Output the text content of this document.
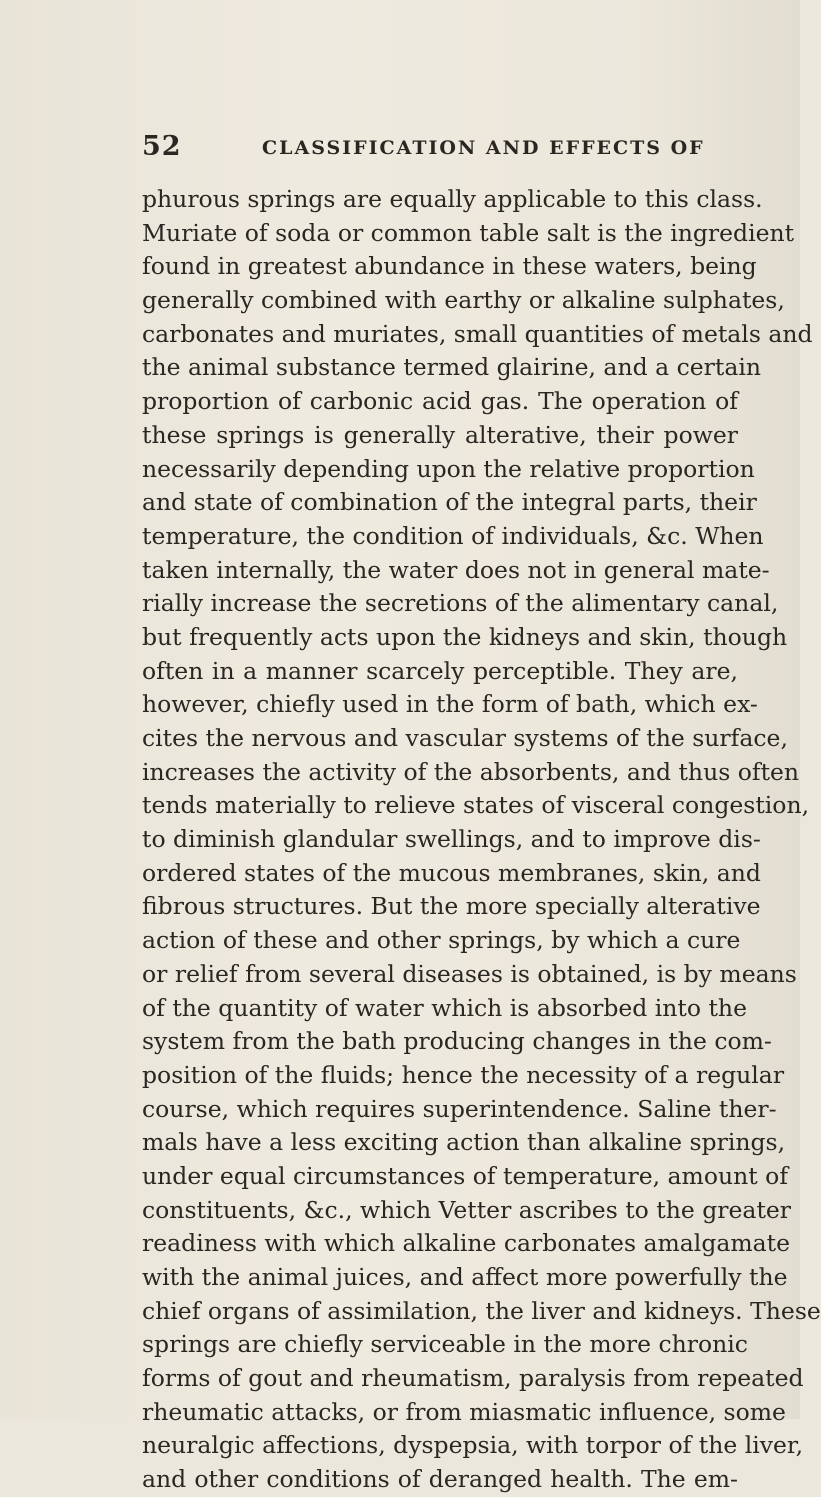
52	CLASSIFICATION AND EFFECTS OF
phurous springs are equally applicable to this class.
Muriate of soda or common table salt is the ingredient
found in greatest abundance in these waters, being
generally combined with earthy or alkaline sulphates,
carbonates and muriates, small quantities of metals and
the animal substance termed glairine, and a certain
proportion of carbonic acid gas. The operation of
these springs is generally alterative, their power
necessarily depending upon the relative proportion
and state of combination of the integral parts, their
temperature, the condition of individuals, &c. When
taken internally, the water does not in general mate-
rially increase the secretions of the alimentary canal,
but frequently acts upon the kidneys and skin, though
often in a manner scarcely perceptible. They are,
however, chiefly used in the form of bath, which ex-
cites the nervous and vascular systems of the surface,
increases the activity of the absorbents, and thus often
tends materially to relieve states of visceral congestion,
to diminish glandular swellings, and to improve dis-
ordered states of the mucous membranes, skin, and
fibrous structures. But the more specially alterative
action of these and other springs, by which a cure
or relief from several diseases is obtained, is by means
of the quantity of water which is absorbed into the
system from the bath producing changes in the com-
position of the fluids; hence the necessity of a regular
course, which requires superintendence. Saline ther-
mals have a less exciting action than alkaline springs,
under equal circumstances of temperature, amount of
constituents, &c., which Vetter ascribes to the greater
readiness with which alkaline carbonates amalgamate
with the animal juices, and affect more powerfully the
chief organs of assimilation, the liver and kidneys. These
springs are chiefly serviceable in the more chronic
forms of gout and rheumatism, paralysis from repeated
rheumatic attacks, or from miasmatic influence, some
neuralgic affections, dyspepsia, with torpor of the liver,
and other conditions of deranged health. The em-
